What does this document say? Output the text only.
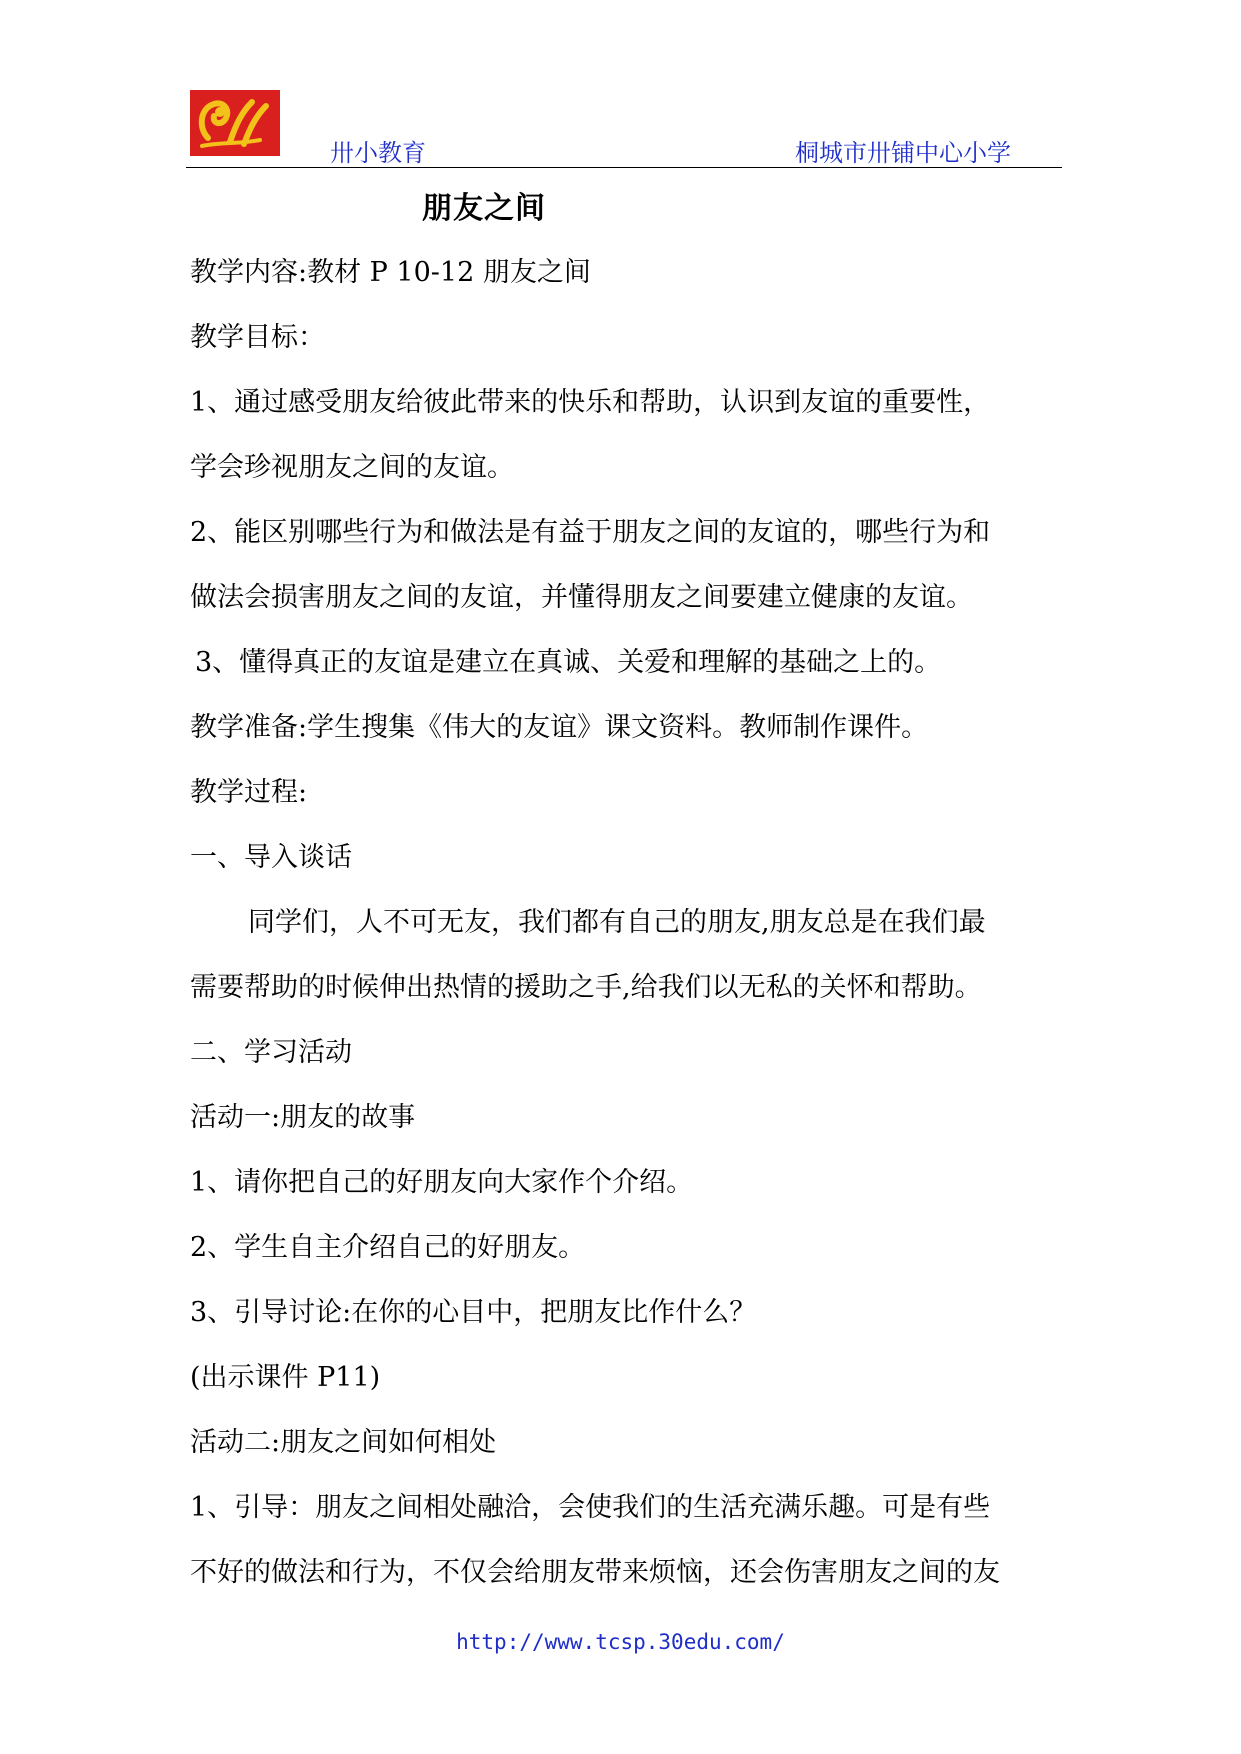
卅小教育	桐城市卅铺中心小学
朋友之间
教学内容:教材 P 10-12 朋友之间
教学目标：
1、通过感受朋友给彼此带来的快乐和帮助，认识到友谊的重要性，
学会珍视朋友之间的友谊。
2、能区别哪些行为和做法是有益于朋友之间的友谊的，哪些行为和
做法会损害朋友之间的友谊，并懂得朋友之间要建立健康的友谊。
3、懂得真正的友谊是建立在真诚、关爱和理解的基础之上的。
教学准备:学生搜集《伟大的友谊》课文资料。教师制作课件。
教学过程:
一、导入谈话
同学们，人不可无友，我们都有自己的朋友,朋友总是在我们最
需要帮助的时候伸出热情的援助之手,给我们以无私的关怀和帮助。
二、学习活动
活动一:朋友的故事
1、请你把自己的好朋友向大家作个介绍。
2、学生自主介绍自己的好朋友。
3、引导讨论:在你的心目中，把朋友比作什么？
(出示课件 P11)
活动二:朋友之间如何相处
1、引导：朋友之间相处融洽，会使我们的生活充满乐趣。可是有些
不好的做法和行为，不仅会给朋友带来烦恼，还会伤害朋友之间的友
http://www.tcsp.30edu.com/
